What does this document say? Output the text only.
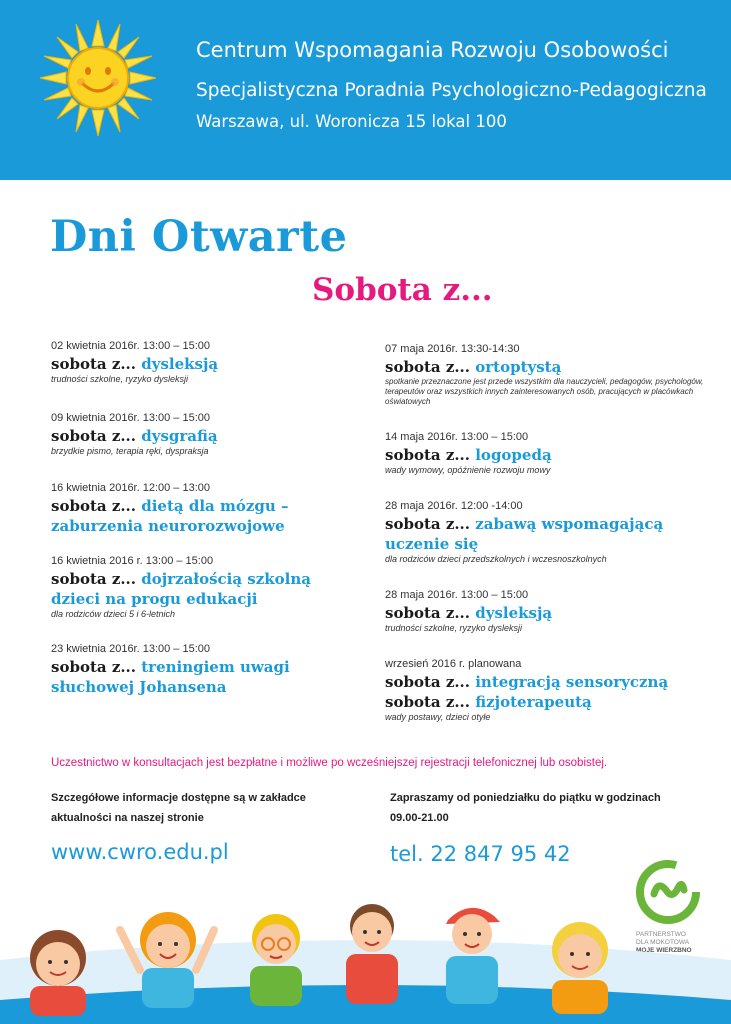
Centrum Wspomagania Rozwoju Osobowości
Specjalistyczna Poradnia Psychologiczno-Pedagogiczna
Warszawa, ul. Woronicza 15 lokal 100
Dni Otwarte
Sobota z...
02 kwietnia 2016r. 13:00 – 15:00
sobota z... dysleksją
trudności szkolne, ryzyko dysleksji
09 kwietnia 2016r. 13:00 – 15:00
sobota z... dysgrafią
brzydkie pismo, terapia ręki, dyspraksja
16 kwietnia 2016r. 12:00 – 13:00
sobota z... dietą dla mózgu – zaburzenia neurorozwojowe
16 kwietnia 2016 r. 13:00 – 15:00
sobota z... dojrzałością szkolną dzieci na progu edukacji
dla rodziców dzieci 5 i 6-letnich
23 kwietnia 2016r. 13:00 – 15:00
sobota z... treningiem uwagi słuchowej Johansena
07 maja 2016r. 13:30-14:30
sobota z... ortoptystą
spotkanie przeznaczone jest przede wszystkim dla nauczycieli, pedagogów, psychologów, terapeutów oraz wszystkich innych zainteresowanych osób, pracujących w placówkach oświatowych
14 maja 2016r. 13:00 – 15:00
sobota z... logopedą
wady wymowy, opóźnienie rozwoju mowy
28 maja 2016r. 12:00 -14:00
sobota z... zabawą wspomagającą uczenie się
dla rodziców dzieci przedszkolnych i wczesnoszkolnych
28 maja 2016r. 13:00 – 15:00
sobota z... dysleksją
trudności szkolne, ryzyko dysleksji
wrzesień 2016 r. planowana
sobota z... integracją sensoryczną
sobota z... fizjoterapeutą
wady postawy, dzieci otyłe
Uczestnictwo w konsultacjach jest bezpłatne i możliwe po wcześniejszej rejestracji telefonicznej lub osobistej.
Szczegółowe informacje dostępne są w zakładce
aktualności na naszej stronie
Zapraszamy od poniedziałku do piątku w godzinach
09.00-21.00
www.cwro.edu.pl	tel. 22 847 95 42
PARTNERSTWO
DLA MOKOTOWA
MOJE WIERZBNO
